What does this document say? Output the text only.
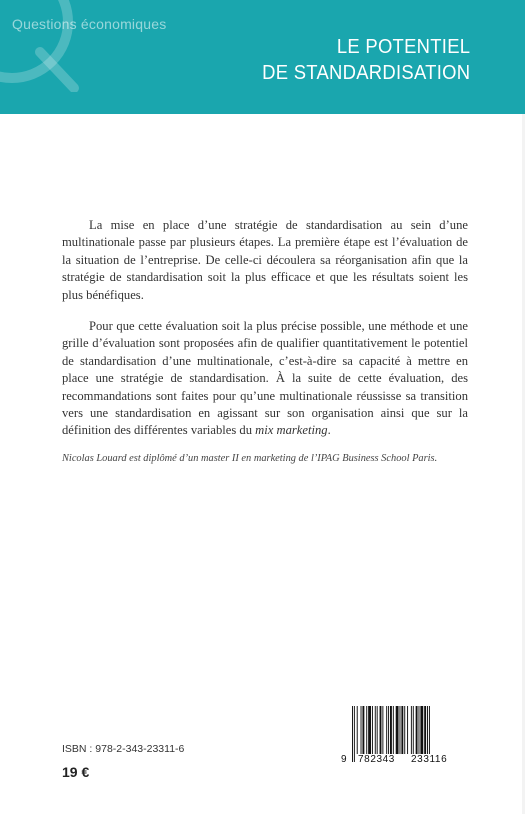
Questions économiques
LE POTENTIEL
DE STANDARDISATION

La mise en place d’une stratégie de standardisation au sein d’une multinationale passe par plusieurs étapes. La première étape est l’évaluation de la situation de l’entreprise. De celle-ci découlera sa réorganisation afin que la stratégie de standardisation soit la plus efficace et que les résultats soient les plus bénéfiques.

Pour que cette évaluation soit la plus précise possible, une méthode et une grille d’évaluation sont proposées afin de qualifier quantitativement le potentiel de standardisation d’une multinationale, c’est-à-dire sa capacité à mettre en place une stratégie de standardisation. À la suite de cette évaluation, des recommandations sont faites pour qu’une multinationale réussisse sa transition vers une standardisation en agissant sur son organisation ainsi que sur la définition des différentes variables du mix marketing.

Nicolas Louard est diplômé d’un master II en marketing de l’IPAG Business School Paris.
ISBN : 978-2-343-23311-6
19 €
9 782343 233116
